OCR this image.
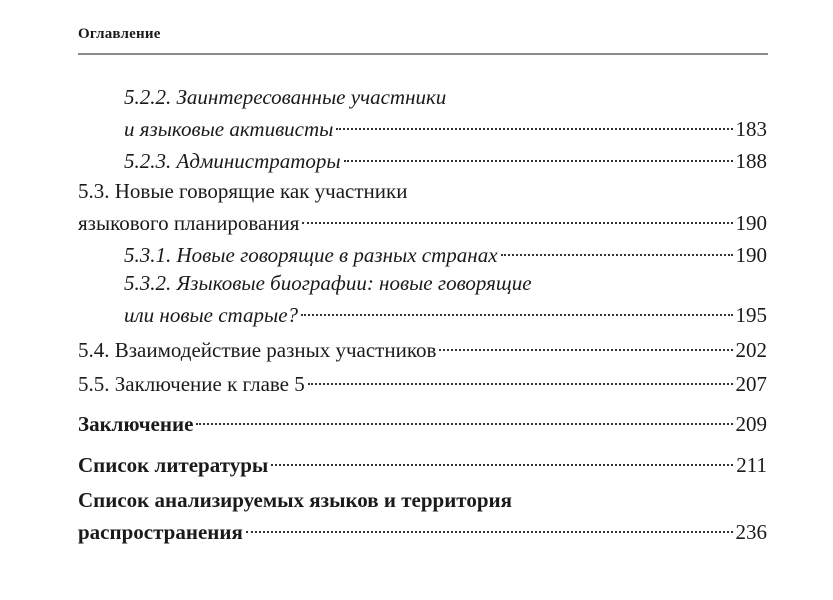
Оглавление
5.2.2. Заинтересованные участники
и языковые активисты	183
5.2.3. Администраторы	188
5.3. Новые говорящие как участники
языкового планирования	190
5.3.1. Новые говорящие в разных странах	190
5.3.2. Языковые биографии: новые говорящие
или новые старые?	195
5.4. Взаимодействие разных участников	202
5.5. Заключение к главе 5	207
Заключение	209
Список литературы	211
Список анализируемых языков и территория
распространения	236
